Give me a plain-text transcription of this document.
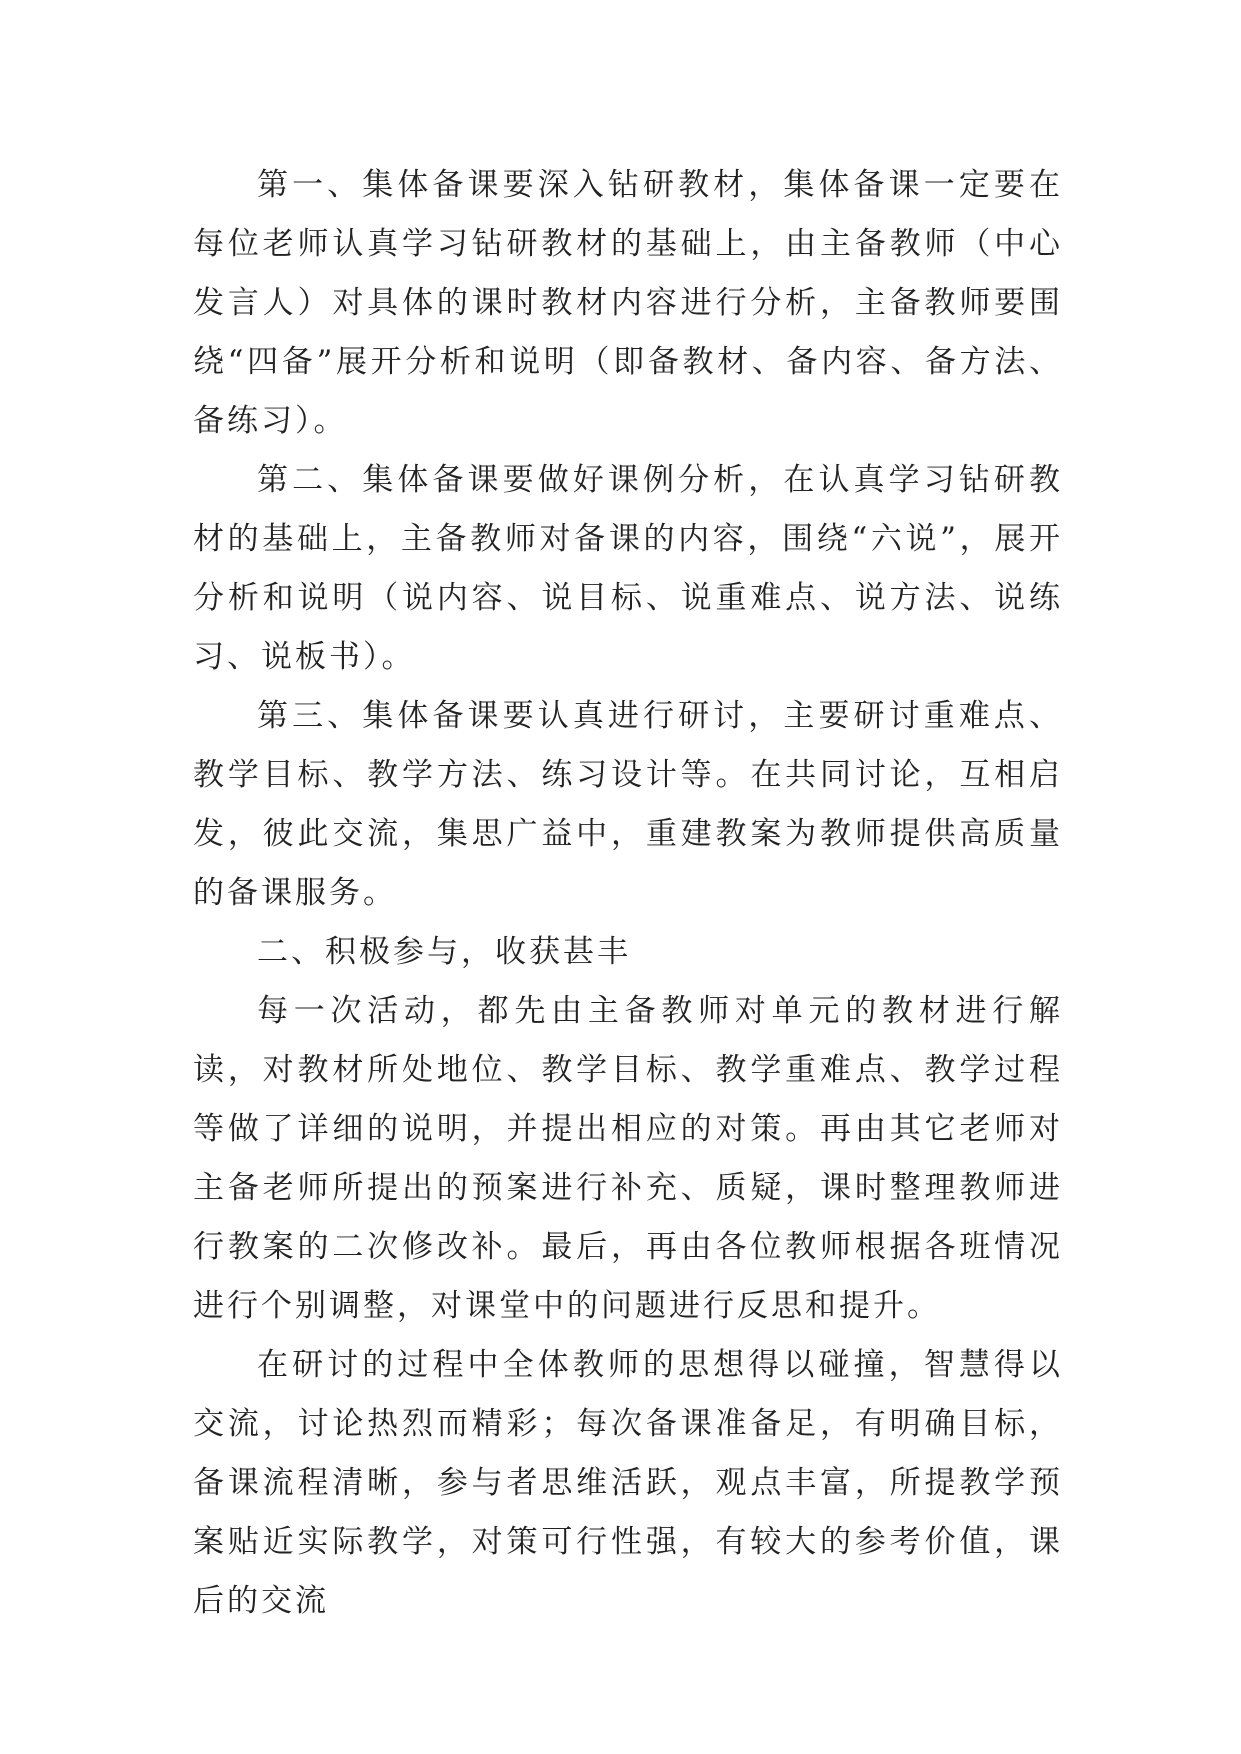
第一、集体备课要深入钻研教材，集体备课一定要在每位老师认真学习钻研教材的基础上，由主备教师（中心发言人）对具体的课时教材内容进行分析，主备教师要围绕“四备”展开分析和说明（即备教材、备内容、备方法、备练习）。

第二、集体备课要做好课例分析，在认真学习钻研教材的基础上，主备教师对备课的内容，围绕“六说”，展开分析和说明（说内容、说目标、说重难点、说方法、说练习、说板书）。

第三、集体备课要认真进行研讨，主要研讨重难点、教学目标、教学方法、练习设计等。在共同讨论，互相启发，彼此交流，集思广益中，重建教案为教师提供高质量的备课服务。

二、积极参与，收获甚丰

每一次活动，都先由主备教师对单元的教材进行解读，对教材所处地位、教学目标、教学重难点、教学过程等做了详细的说明，并提出相应的对策。再由其它老师对主备老师所提出的预案进行补充、质疑，课时整理教师进行教案的二次修改补。最后，再由各位教师根据各班情况进行个别调整，对课堂中的问题进行反思和提升。

在研讨的过程中全体教师的思想得以碰撞，智慧得以交流，讨论热烈而精彩；每次备课准备足，有明确目标，备课流程清晰，参与者思维活跃，观点丰富，所提教学预案贴近实际教学，对策可行性强，有较大的参考价值，课后的交流
